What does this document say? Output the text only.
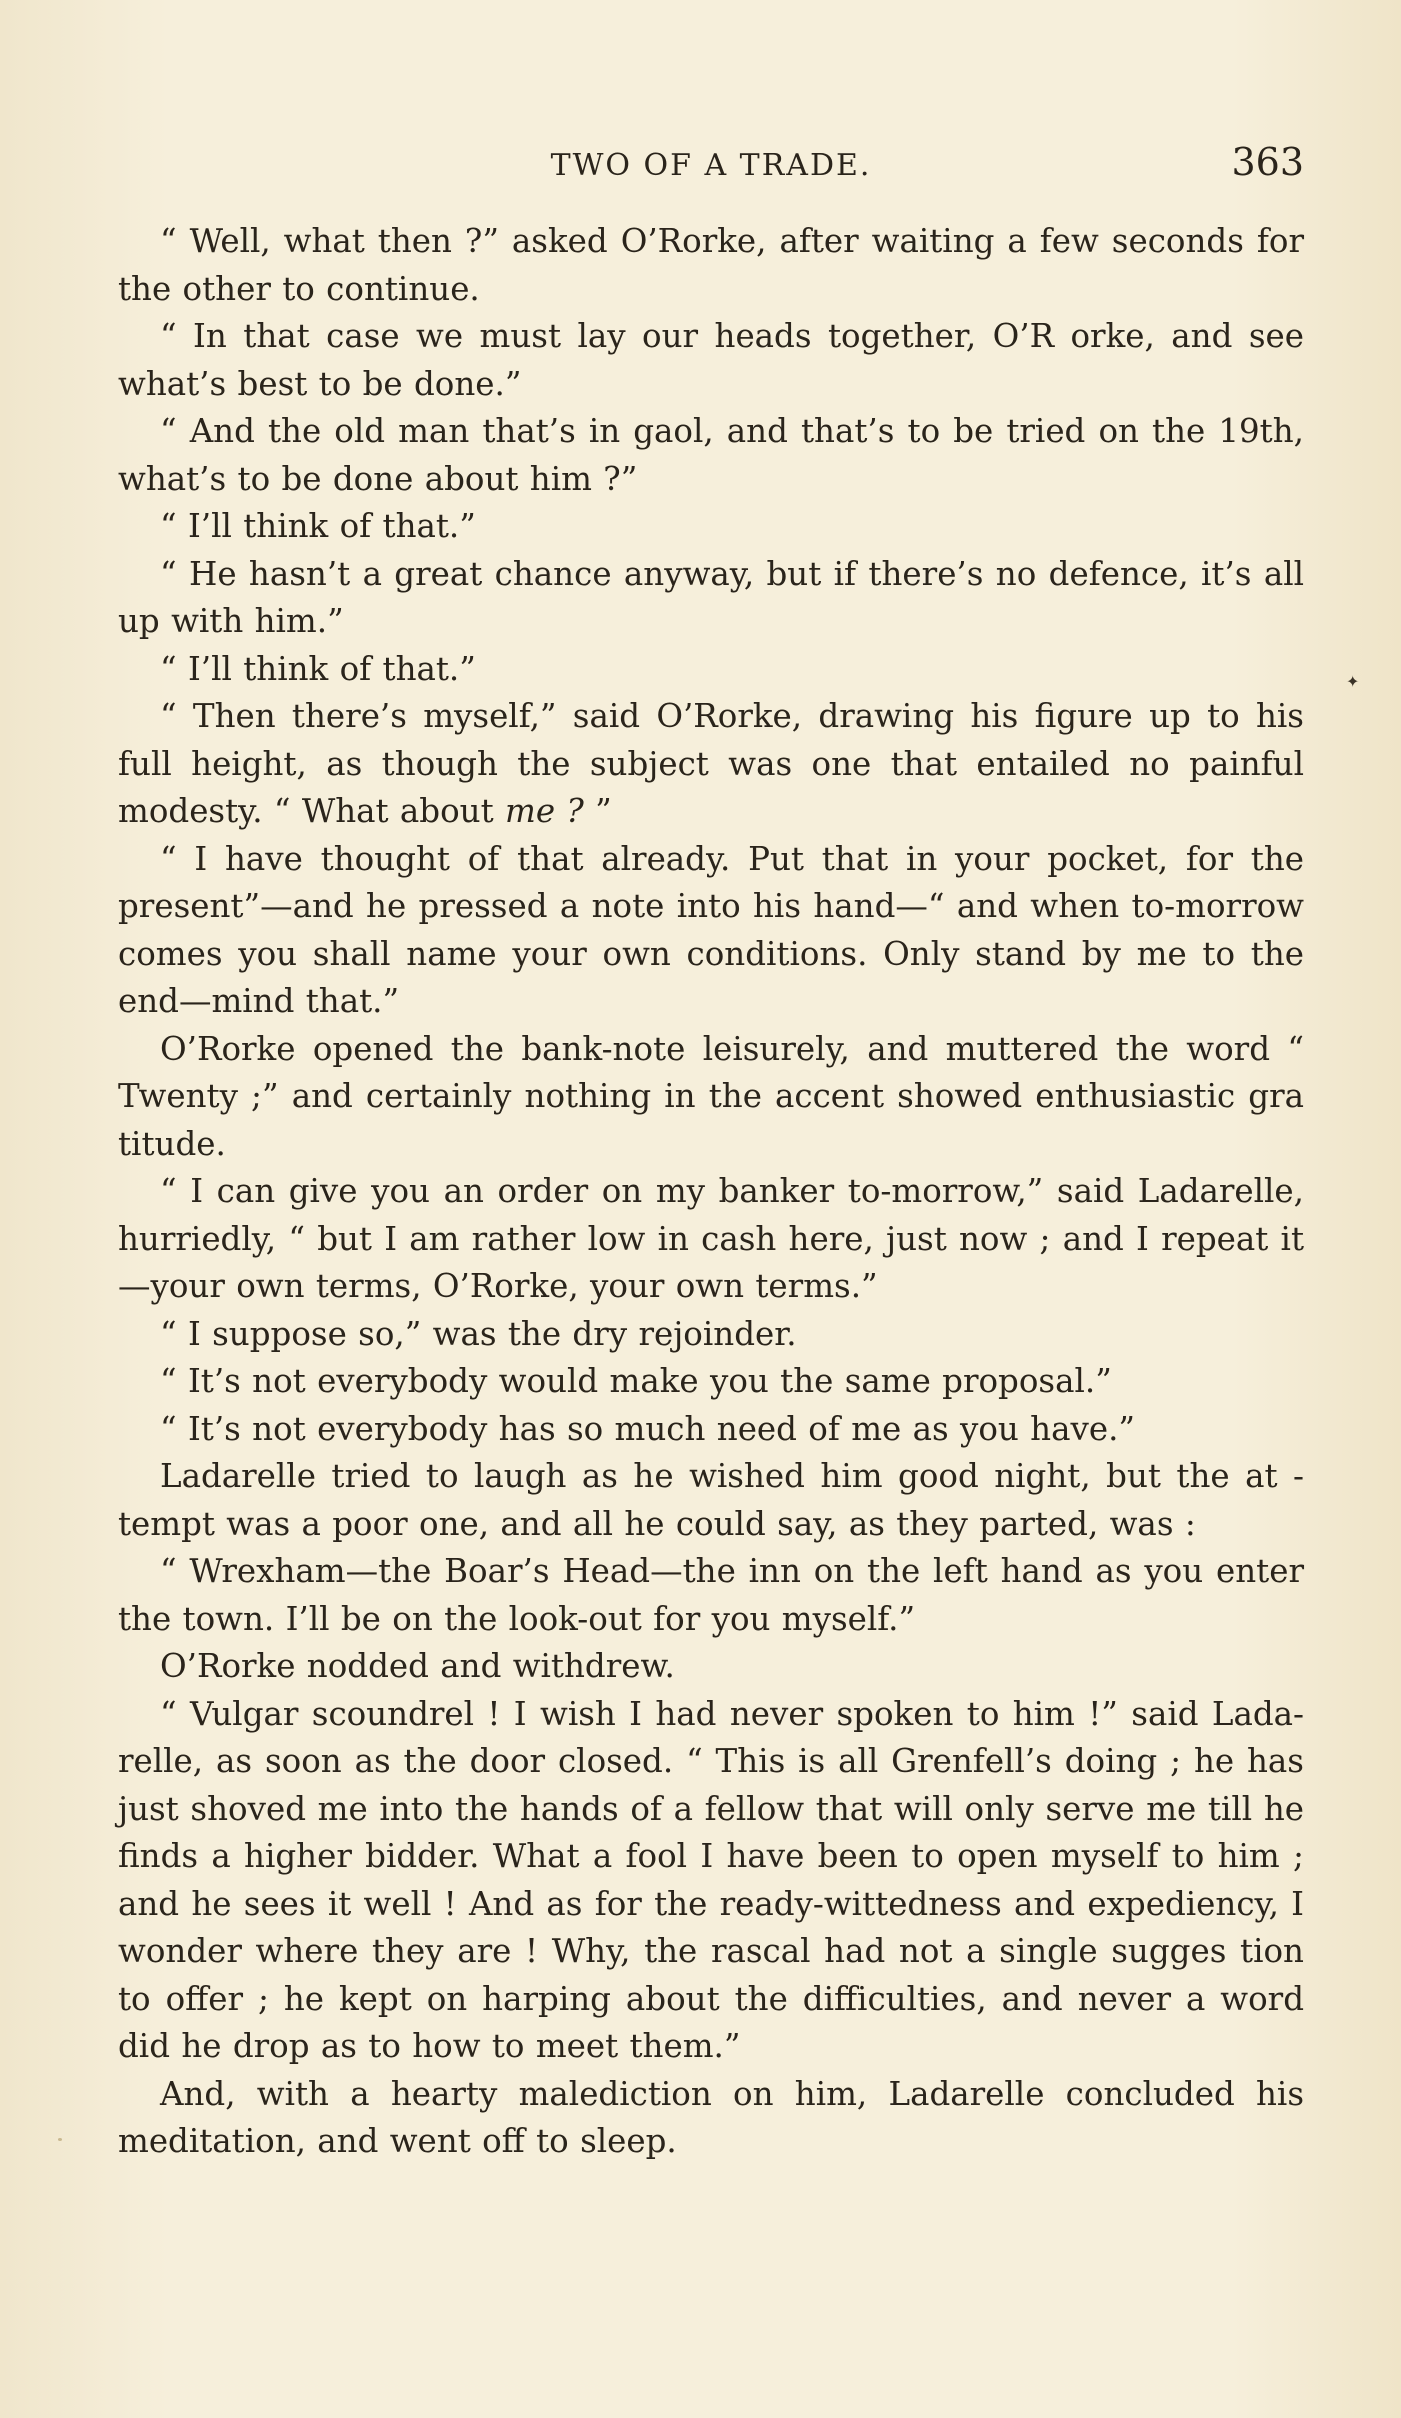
TWO OF A TRADE.	363

“ Well, what then ?” asked O’Rorke, after waiting a few seconds for the other to continue.

“ In that case we must lay our heads together, O’R orke, and see what’s best to be done.”

“ And the old man that’s in gaol, and that’s to be tried on the 19th, what’s to be done about him ?”

“ I’ll think of that.”

“ He hasn’t a great chance anyway, but if there’s no defence, it’s all up with him.”

“ I’ll think of that.”

“ Then there’s myself,” said O’Rorke, drawing his figure up to his full height, as though the subject was one that entailed no painful modesty. “ What about me ? ”

“ I have thought of that already. Put that in your pocket, for the present”—and he pressed a note into his hand—“ and when to-morrow comes you shall name your own conditions. Only stand by me to the end—mind that.”

O’Rorke opened the bank-note leisurely, and muttered the word “ Twenty ;” and certainly nothing in the accent showed enthusiastic gra titude.

“ I can give you an order on my banker to-morrow,” said Ladarelle, hurriedly, “ but I am rather low in cash here, just now ; and I repeat it—your own terms, O’Rorke, your own terms.”

“ I suppose so,” was the dry rejoinder.

“ It’s not everybody would make you the same proposal.”

“ It’s not everybody has so much need of me as you have.”

Ladarelle tried to laugh as he wished him good night, but the at - tempt was a poor one, and all he could say, as they parted, was :

“ Wrexham—the Boar’s Head—the inn on the left hand as you enter the town. I’ll be on the look-out for you myself.”

O’Rorke nodded and withdrew.

“ Vulgar scoundrel ! I wish I had never spoken to him !” said Lada- relle, as soon as the door closed. “ This is all Grenfell’s doing ; he has just shoved me into the hands of a fellow that will only serve me till he finds a higher bidder. What a fool I have been to open myself to him ; and he sees it well ! And as for the ready-wittedness and expediency, I wonder where they are ! Why, the rascal had not a single sugges tion to offer ; he kept on harping about the difficulties, and never a word did he drop as to how to meet them.”

And, with a hearty malediction on him, Ladarelle concluded his meditation, and went off to sleep.

✦
